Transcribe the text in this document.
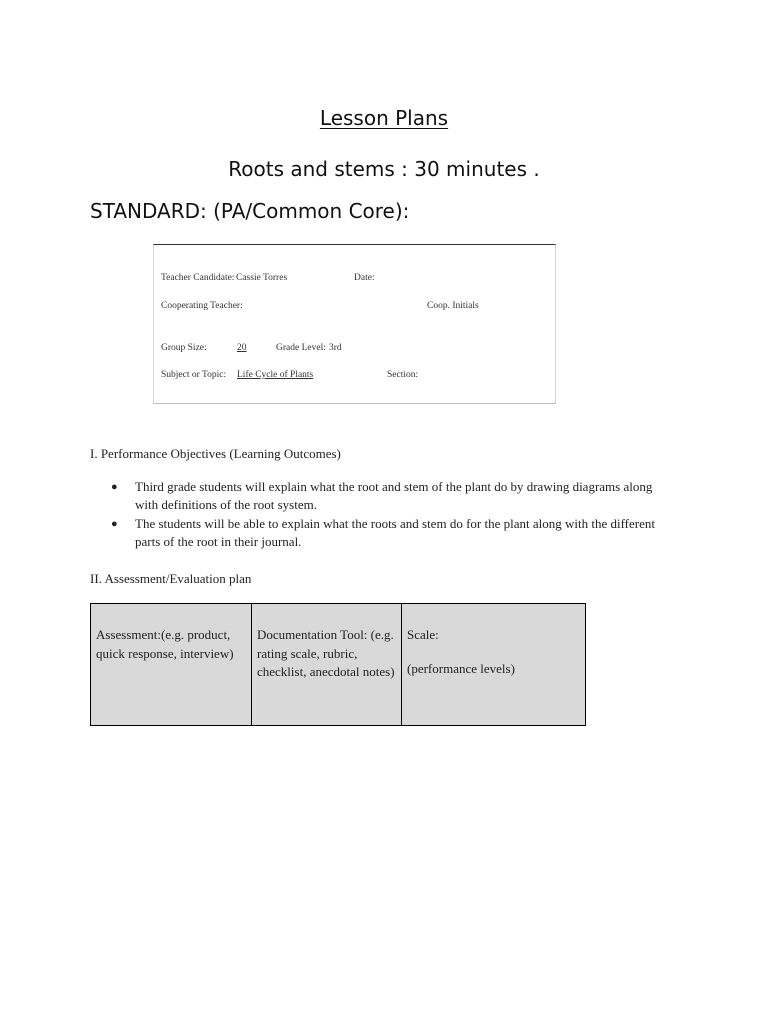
Lesson Plans
Roots and stems : 30 minutes .
STANDARD: (PA/Common Core):
Teacher Candidate: Cassie Torres	Date:
Cooperating Teacher:	Coop. Initials
Group Size:	20	Grade Level: 3rd
Subject or Topic: Life Cycle of Plants	Section:
I. Performance Objectives (Learning Outcomes)
● Third grade students will explain what the root and stem of the plant do by drawing diagrams along with definitions of the root system.
● The students will be able to explain what the roots and stem do for the plant along with the different parts of the root in their journal.
II. Assessment/Evaluation plan
Assessment:(e.g. product, quick response, interview)	Documentation Tool: (e.g. rating scale, rubric, checklist, anecdotal notes)	Scale:
(performance levels)
